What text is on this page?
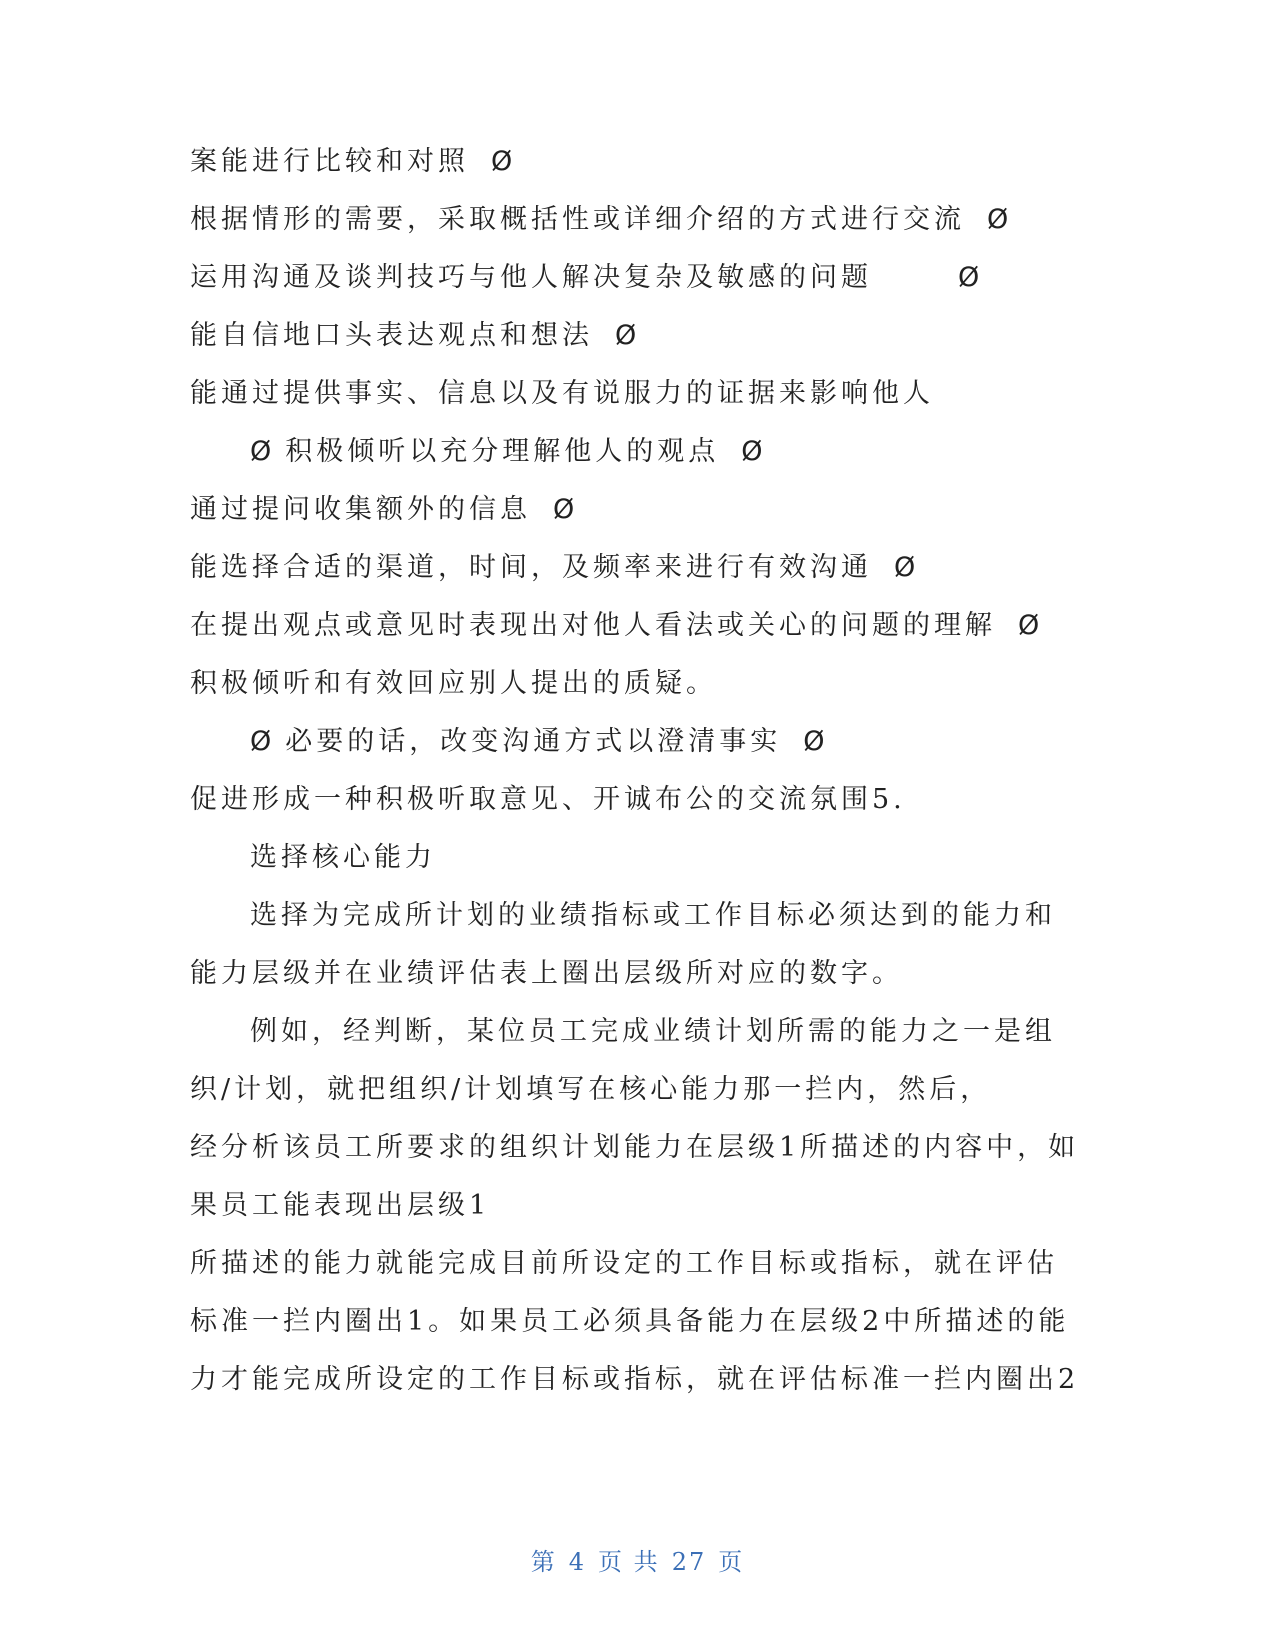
案能进行比较和对照 Ø
根据情形的需要，采取概括性或详细介绍的方式进行交流 Ø
运用沟通及谈判技巧与他人解决复杂及敏感的问题	Ø
能自信地口头表达观点和想法 Ø
能通过提供事实、信息以及有说服力的证据来影响他人
Ø 积极倾听以充分理解他人的观点 Ø
通过提问收集额外的信息 Ø
能选择合适的渠道，时间，及频率来进行有效沟通 Ø
在提出观点或意见时表现出对他人看法或关心的问题的理解 Ø
积极倾听和有效回应别人提出的质疑。
Ø 必要的话，改变沟通方式以澄清事实 Ø
促进形成一种积极听取意见、开诚布公的交流氛围5.
选择核心能力
选择为完成所计划的业绩指标或工作目标必须达到的能力和
能力层级并在业绩评估表上圈出层级所对应的数字。
例如，经判断，某位员工完成业绩计划所需的能力之一是组
织/计划，就把组织/计划填写在核心能力那一拦内，然后，
经分析该员工所要求的组织计划能力在层级1所描述的内容中，如
果员工能表现出层级1
所描述的能力就能完成目前所设定的工作目标或指标，就在评估
标准一拦内圈出1。如果员工必须具备能力在层级2中所描述的能
力才能完成所设定的工作目标或指标，就在评估标准一拦内圈出2
第 4 页 共 27 页
